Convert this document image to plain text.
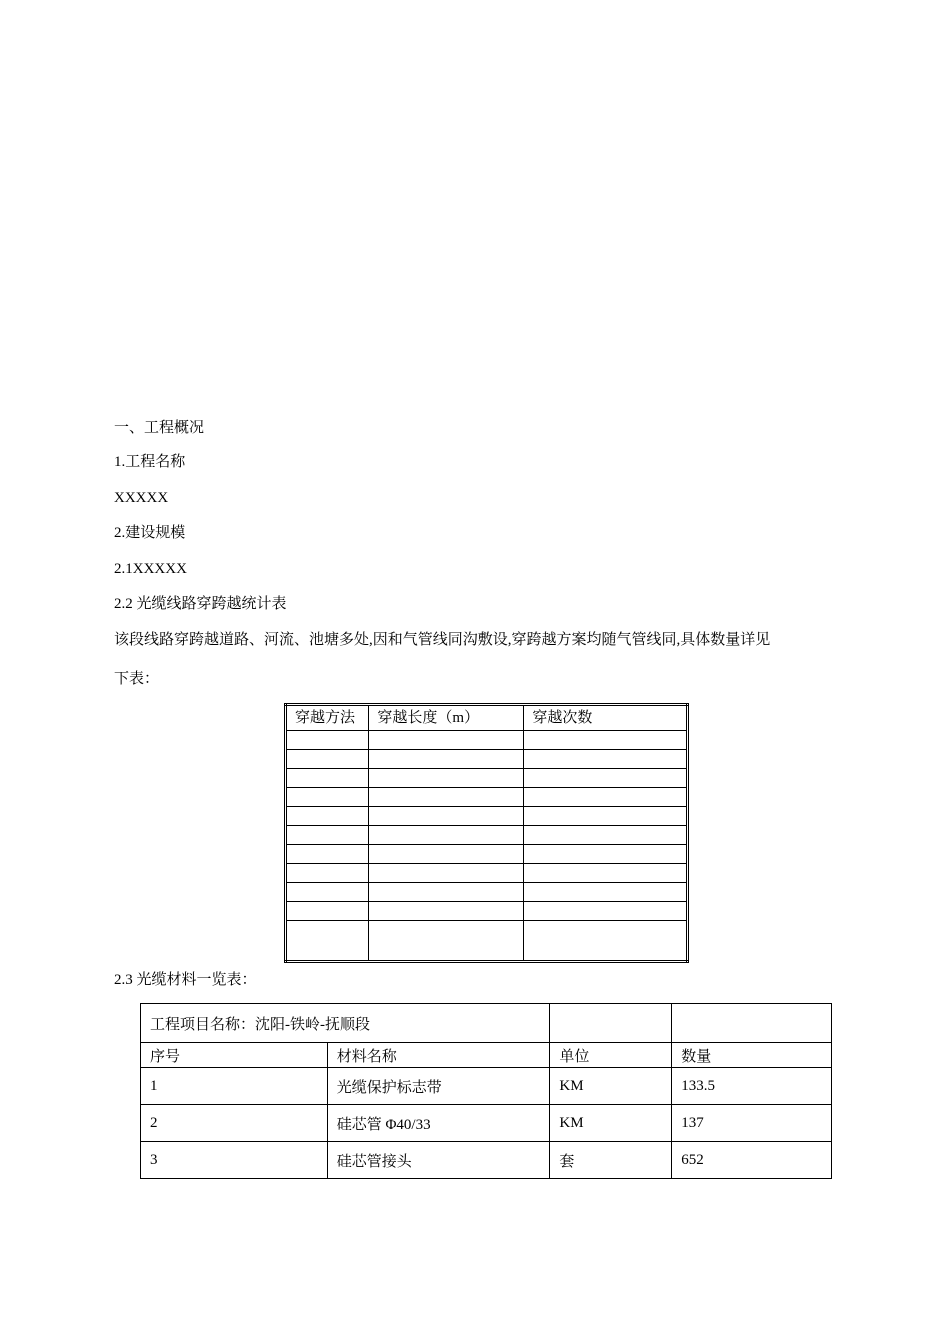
一、工程概况
1.工程名称
XXXXX
2.建设规模
2.1XXXXX
2.2 光缆线路穿跨越统计表
该段线路穿跨越道路、河流、池塘多处,因和气管线同沟敷设,穿跨越方案均随气管线同,具体数量详见
下表：
穿越方法	穿越长度（m）	穿越次数

2.3 光缆材料一览表：
工程项目名称：沈阳-铁岭-抚顺段			
序号	材料名称	单位	数量
1	光缆保护标志带	KM	133.5
2	硅芯管 Φ40/33	KM	137
3	硅芯管接头	套	652
